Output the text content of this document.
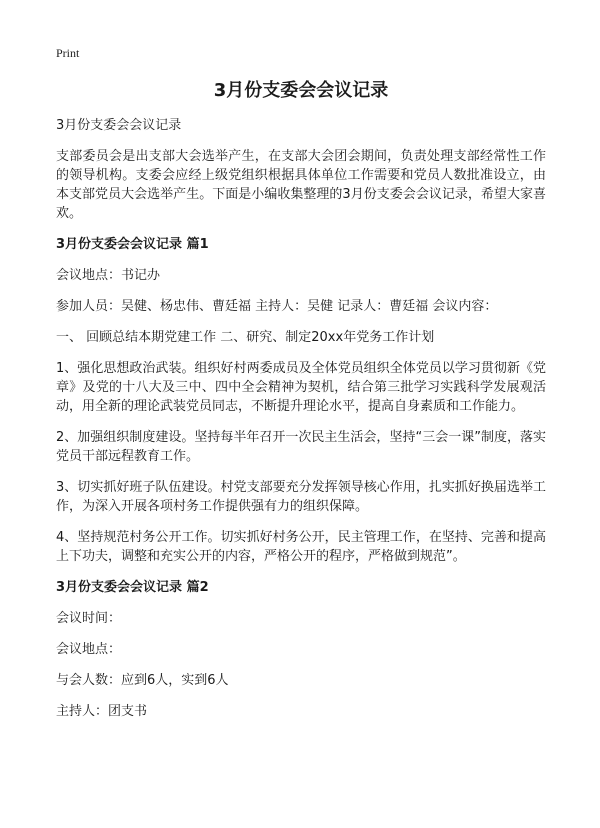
Print
3月份支委会会议记录

3月份支委会会议记录

支部委员会是出支部大会选举产生，在支部大会团会期间，负责处理支部经常性工作的领导机构。支委会应经上级党组织根据具体单位工作需要和党员人数批准设立，由本支部党员大会选举产生。下面是小编收集整理的3月份支委会会议记录，希望大家喜欢。

3月份支委会会议记录 篇1

会议地点：书记办

参加人员：吴健、杨忠伟、曹廷福 主持人：吴健 记录人：曹廷福 会议内容：

一、 回顾总结本期党建工作 二、研究、制定20xx年党务工作计划

1、强化思想政治武装。组织好村两委成员及全体党员组织全体党员以学习贯彻新《党章》及党的十八大及三中、四中全会精神为契机，结合第三批学习实践科学发展观活动，用全新的理论武装党员同志，不断提升理论水平，提高自身素质和工作能力。

2、加强组织制度建设。坚持每半年召开一次民主生活会，坚持“三会一课”制度，落实党员干部远程教育工作。

3、切实抓好班子队伍建设。村党支部要充分发挥领导核心作用，扎实抓好换届选举工作，为深入开展各项村务工作提供强有力的组织保障。

4、坚持规范村务公开工作。切实抓好村务公开，民主管理工作，在坚持、完善和提高上下功夫，调整和充实公开的内容，严格公开的程序，严格做到规范”。

3月份支委会会议记录 篇2

会议时间：

会议地点：

与会人数：应到6人，实到6人

主持人：团支书
